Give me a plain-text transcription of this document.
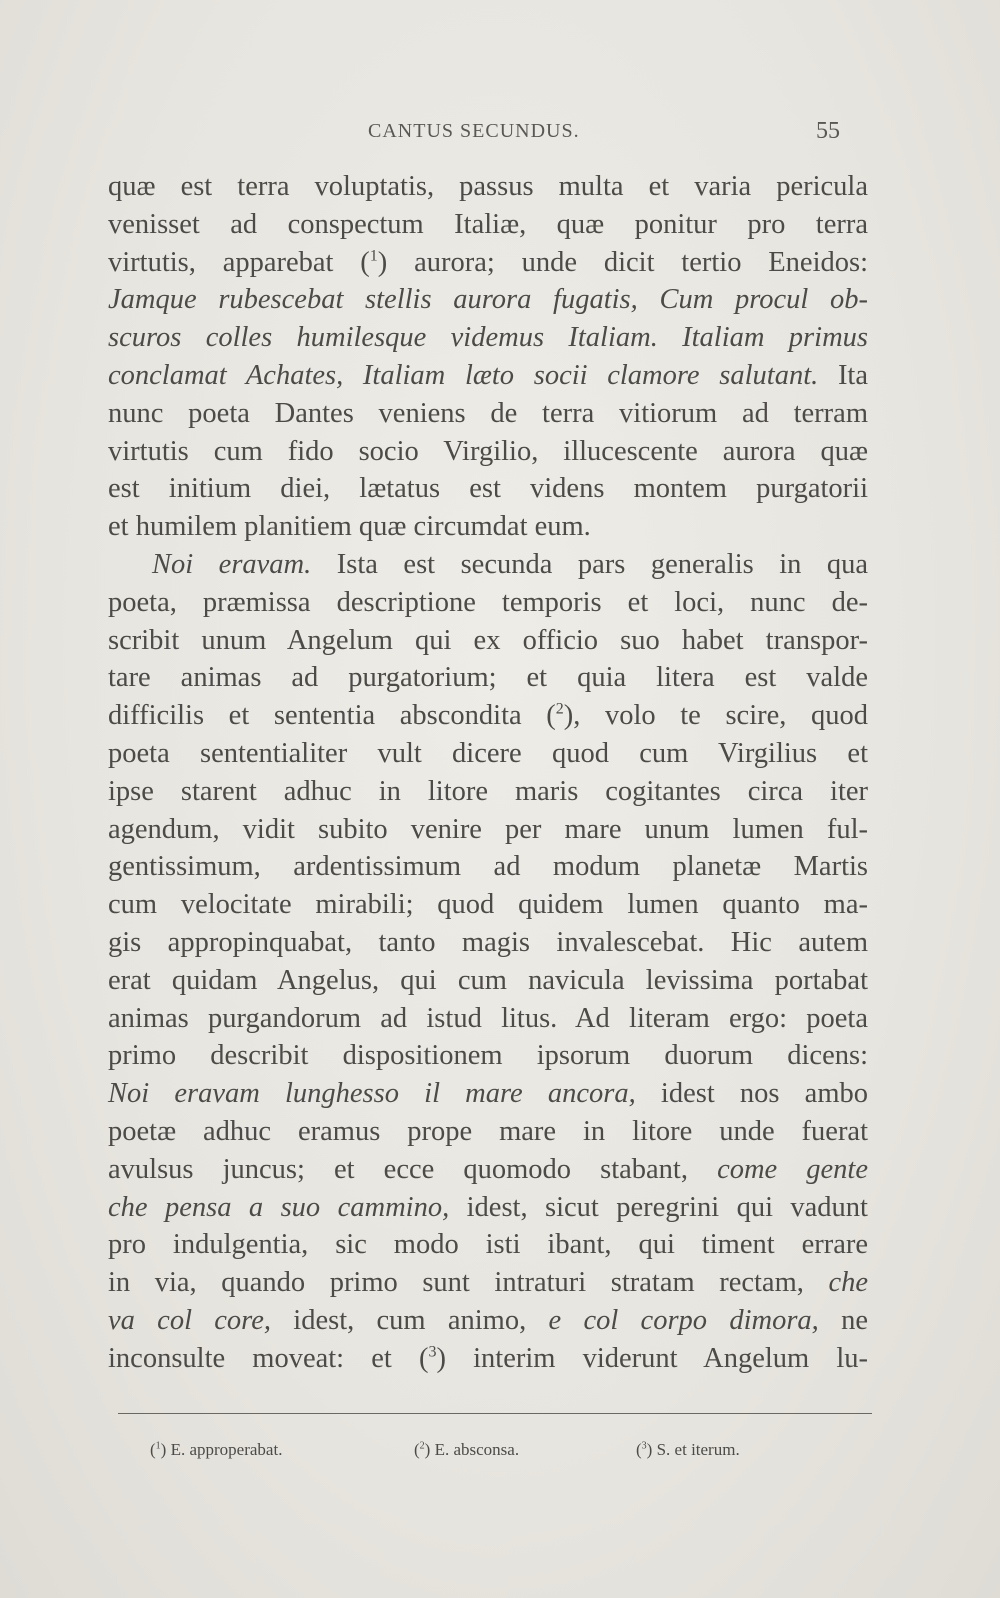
CANTUS SECUNDUS.	55
quæ est terra voluptatis, passus multa et varia pericula
venisset ad conspectum Italiæ, quæ ponitur pro terra
virtutis, apparebat ($^1$) aurora; unde dicit tertio Eneidos:
Jamque rubescebat stellis aurora fugatis, Cum procul ob-
scuros colles humilesque videmus Italiam. Italiam primus
conclamat Achates, Italiam læto socii clamore salutant. Ita
nunc poeta Dantes veniens de terra vitiorum ad terram
virtutis cum fido socio Virgilio, illucescente aurora quæ
est initium diei, lætatus est videns montem purgatorii
et humilem planitiem quæ circumdat eum.
Noi eravam. Ista est secunda pars generalis in qua
poeta, præmissa descriptione temporis et loci, nunc de-
scribit unum Angelum qui ex officio suo habet transpor-
tare animas ad purgatorium; et quia litera est valde
difficilis et sententia abscondita ($^2$), volo te scire, quod
poeta sententialiter vult dicere quod cum Virgilius et
ipse starent adhuc in litore maris cogitantes circa iter
agendum, vidit subito venire per mare unum lumen ful-
gentissimum, ardentissimum ad modum planetæ Martis
cum velocitate mirabili; quod quidem lumen quanto ma-
gis appropinquabat, tanto magis invalescebat. Hic autem
erat quidam Angelus, qui cum navicula levissima portabat
animas purgandorum ad istud litus. Ad literam ergo: poeta
primo describit dispositionem ipsorum duorum dicens:
Noi eravam lunghesso il mare ancora, idest nos ambo
poetæ adhuc eramus prope mare in litore unde fuerat
avulsus juncus; et ecce quomodo stabant, come gente
che pensa a suo cammino, idest, sicut peregrini qui vadunt
pro indulgentia, sic modo isti ibant, qui timent errare
in via, quando primo sunt intraturi stratam rectam, che
va col core, idest, cum animo, e col corpo dimora, ne
inconsulte moveat: et ($^3$) interim viderunt Angelum lu-
($^1$) E. approperabat.	($^2$) E. absconsa.	($^3$) S. et iterum.
